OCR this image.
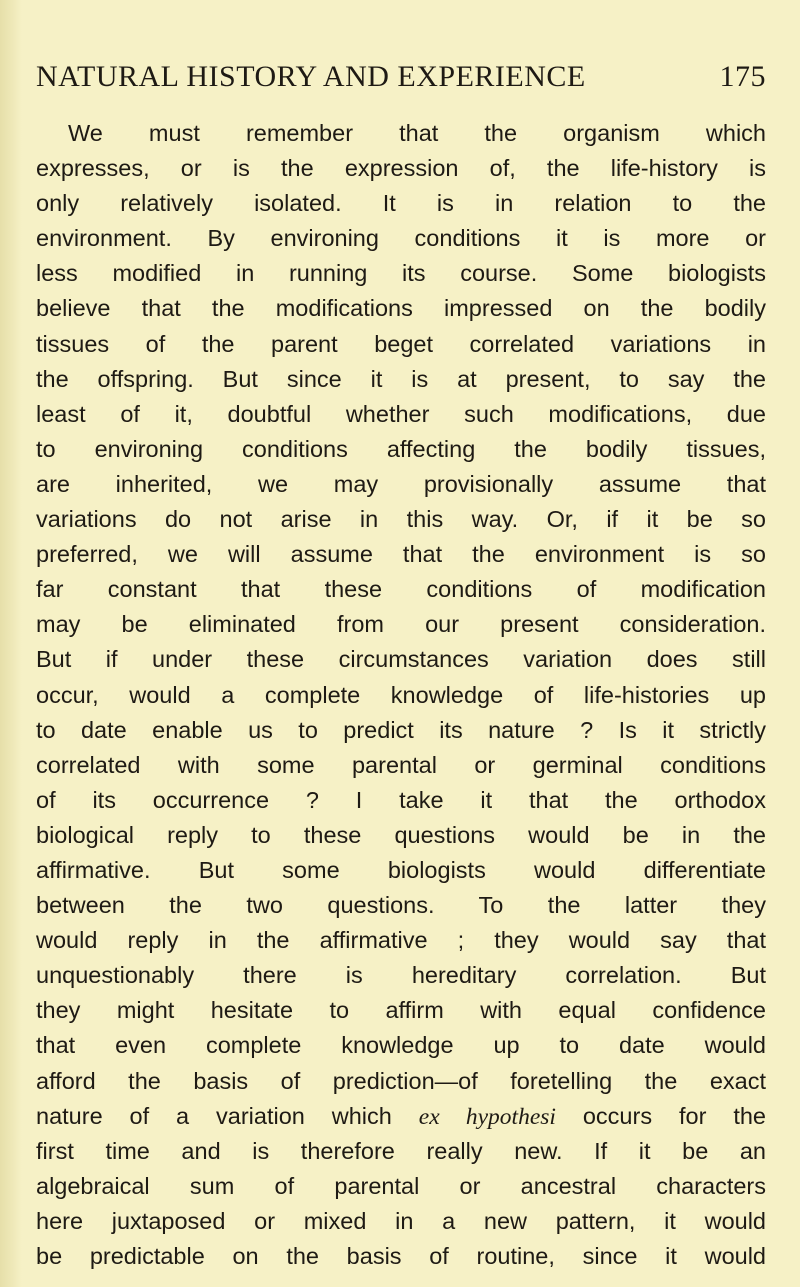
NATURAL HISTORY AND EXPERIENCE	175
We must remember that the organism which
expresses, or is the expression of, the life-history is
only relatively isolated. It is in relation to the
environment. By environing conditions it is more or
less modified in running its course. Some biologists
believe that the modifications impressed on the bodily
tissues of the parent beget correlated variations in
the offspring. But since it is at present, to say the
least of it, doubtful whether such modifications, due
to environing conditions affecting the bodily tissues,
are inherited, we may provisionally assume that
variations do not arise in this way. Or, if it be so
preferred, we will assume that the environment is so
far constant that these conditions of modification
may be eliminated from our present consideration.
But if under these circumstances variation does still
occur, would a complete knowledge of life-histories up
to date enable us to predict its nature ? Is it strictly
correlated with some parental or germinal conditions
of its occurrence ? I take it that the orthodox
biological reply to these questions would be in the
affirmative. But some biologists would differentiate
between the two questions. To the latter they
would reply in the affirmative ; they would say that
unquestionably there is hereditary correlation. But
they might hesitate to affirm with equal confidence
that even complete knowledge up to date would
afford the basis of prediction—of foretelling the exact
nature of a variation which ex hypothesi occurs for the
first time and is therefore really new. If it be an
algebraical sum of parental or ancestral characters
here juxtaposed or mixed in a new pattern, it would
be predictable on the basis of routine, since it would
